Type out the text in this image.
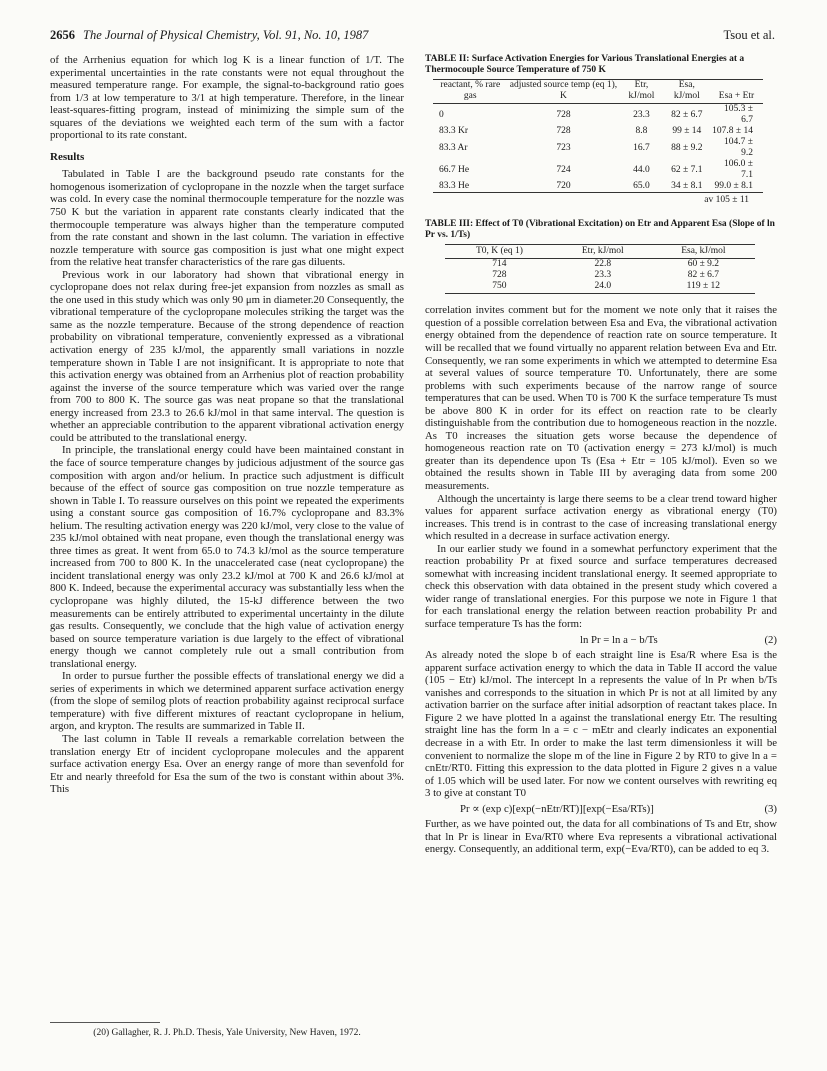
2656 The Journal of Physical Chemistry, Vol. 91, No. 10, 1987	Tsou et al.

of the Arrhenius equation for which log K is a linear function of 1/T. The experimental uncertainties in the rate constants were not equal throughout the measured temperature range. For example, the signal-to-background ratio goes from 1/3 at low temperature to 3/1 at high temperature. Therefore, in the linear least-squares-fitting program, instead of minimizing the simple sum of the squares of the deviations we weighted each term of the sum with a factor proportional to its rate constant.

Results

Tabulated in Table I are the background pseudo rate constants for the homogenous isomerization of cyclopropane in the nozzle when the target surface was cold. In every case the nominal thermocouple temperature for the nozzle was 750 K but the variation in apparent rate constants clearly indicated that the thermocouple temperature was always higher than the temperature computed from the rate constant and shown in the last column. The variation in effective nozzle temperature with source gas composition is just what one might expect from the relative heat transfer characteristics of the rare gas diluents.

Previous work in our laboratory had shown that vibrational energy in cyclopropane does not relax during free-jet expansion from nozzles as small as the one used in this study which was only 90 μm in diameter.20 Consequently, the vibrational temperature of the cyclopropane molecules striking the target was the same as the nozzle temperature. Because of the strong dependence of reaction probability on vibrational temperature, conveniently expressed as a vibrational activation energy of 235 kJ/mol, the apparently small variations in nozzle temperature shown in Table I are not insignificant. It is appropriate to note that this activation energy was obtained from an Arrhenius plot of reaction probability against the inverse of the source temperature which was varied over the range from 700 to 800 K. The source gas was neat propane so that the translational energy increased from 23.3 to 26.6 kJ/mol in that same interval. The question is whether an appreciable contribution to the apparent vibrational activation energy could be attributed to the translational energy.

In principle, the translational energy could have been maintained constant in the face of source temperature changes by judicious adjustment of the source gas composition with argon and/or helium. In practice such adjustment is difficult because of the effect of source gas composition on true nozzle temperature as shown in Table I. To reassure ourselves on this point we repeated the experiments using a constant source gas composition of 16.7% cyclopropane and 83.3% helium. The resulting activation energy was 220 kJ/mol, very close to the value of 235 kJ/mol obtained with neat propane, even though the translational energy was three times as great. It went from 65.0 to 74.3 kJ/mol as the source temperature increased from 700 to 800 K. In the unaccelerated case (neat cyclopropane) the incident translational energy was only 23.2 kJ/mol at 700 K and 26.6 kJ/mol at 800 K. Indeed, because the experimental accuracy was substantially less when the cyclopropane was highly diluted, the 15-kJ difference between the two measurements can be entirely attributed to experimental uncertainty in the dilute gas results. Consequently, we conclude that the high value of activation energy based on source temperature variation is due largely to the effect of vibrational energy though we cannot completely rule out a small contribution from translational energy.

In order to pursue further the possible effects of translational energy we did a series of experiments in which we determined apparent surface activation energy (from the slope of semilog plots of reaction probability against reciprocal surface temperature) with five different mixtures of reactant cyclopropane in helium, argon, and krypton. The results are summarized in Table II.

The last column in Table II reveals a remarkable correlation between the translation energy Etr of incident cyclopropane molecules and the apparent surface activation energy Esa. Over an energy range of more than sevenfold for Etr and nearly threefold for Esa the sum of the two is constant within about 3%. This

(20) Gallagher, R. J. Ph.D. Thesis, Yale University, New Haven, 1972.

TABLE II: Surface Activation Energies for Various Translational Energies at a Thermocouple Source Temperature of 750 K
reactant, % rare gas	adjusted source temp (eq 1), K	Etr, kJ/mol	Esa, kJ/mol	Esa + Etr
0	728	23.3	82 ± 6.7	105.3 ± 6.7
83.3 Kr	728	8.8	99 ± 14	107.8 ± 14
83.3 Ar	723	16.7	88 ± 9.2	104.7 ± 9.2
66.7 He	724	44.0	62 ± 7.1	106.0 ± 7.1
83.3 He	720	65.0	34 ± 8.1	99.0 ± 8.1
av 105 ± 11
TABLE III: Effect of T0 (Vibrational Excitation) on Etr and Apparent Esa (Slope of ln Pr vs. 1/Ts)
T0, K (eq 1)	Etr, kJ/mol	Esa, kJ/mol
714	22.8	60 ± 9.2
728	23.3	82 ± 6.7
750	24.0	119 ± 12

correlation invites comment but for the moment we note only that it raises the question of a possible correlation between Esa and Eva, the vibrational activation energy obtained from the dependence of reaction rate on source temperature. It will be recalled that we found virtually no apparent relation between Eva and Etr. Consequently, we ran some experiments in which we attempted to determine Esa at several values of source temperature T0. Unfortunately, there are some problems with such experiments because of the narrow range of source temperatures that can be used. When T0 is 700 K the surface temperature Ts must be above 800 K in order for its effect on reaction rate to be clearly distinguishable from the contribution due to homogeneous reaction in the nozzle. As T0 increases the situation gets worse because the dependence of homogeneous reaction rate on T0 (activation energy = 273 kJ/mol) is much greater than its dependence upon Ts (Esa + Etr = 105 kJ/mol). Even so we obtained the results shown in Table III by averaging data from some 200 measurements.

Although the uncertainty is large there seems to be a clear trend toward higher values for apparent surface activation energy as vibrational energy (T0) increases. This trend is in contrast to the case of increasing translational energy which resulted in a decrease in surface activation energy.

In our earlier study we found in a somewhat perfunctory experiment that the reaction probability Pr at fixed source and surface temperatures decreased somewhat with increasing incident translational energy. It seemed appropriate to check this observation with data obtained in the present study which covered a wider range of translational energies. For this purpose we note in Figure 1 that for each translational energy the relation between reaction probability Pr and surface temperature Ts has the form:

ln Pr = ln a − b/Ts	(2)

As already noted the slope b of each straight line is Esa/R where Esa is the apparent surface activation energy to which the data in Table II accord the value (105 − Etr) kJ/mol. The intercept ln a represents the value of ln Pr when b/Ts vanishes and corresponds to the situation in which Pr is not at all limited by any activation barrier on the surface after initial adsorption of reactant takes place. In Figure 2 we have plotted ln a against the translational energy Etr. The resulting straight line has the form ln a = c − mEtr and clearly indicates an exponential decrease in a with Etr. In order to make the last term dimensionless it will be convenient to normalize the slope m of the line in Figure 2 by RT0 to give ln a = cnEtr/RT0. Fitting this expression to the data plotted in Figure 2 gives n a value of 1.05 which will be used later. For now we content ourselves with rewriting eq 3 to give at constant T0

Pr ∝ (exp c)[exp(−nEtr/RT)][exp(−Esa/RTs)]	(3)

Further, as we have pointed out, the data for all combinations of Ts and Etr, show that ln Pr is linear in Eva/RT0 where Eva represents a vibrational activational energy. Consequently, an additional term, exp(−Eva/RT0), can be added to eq 3.
